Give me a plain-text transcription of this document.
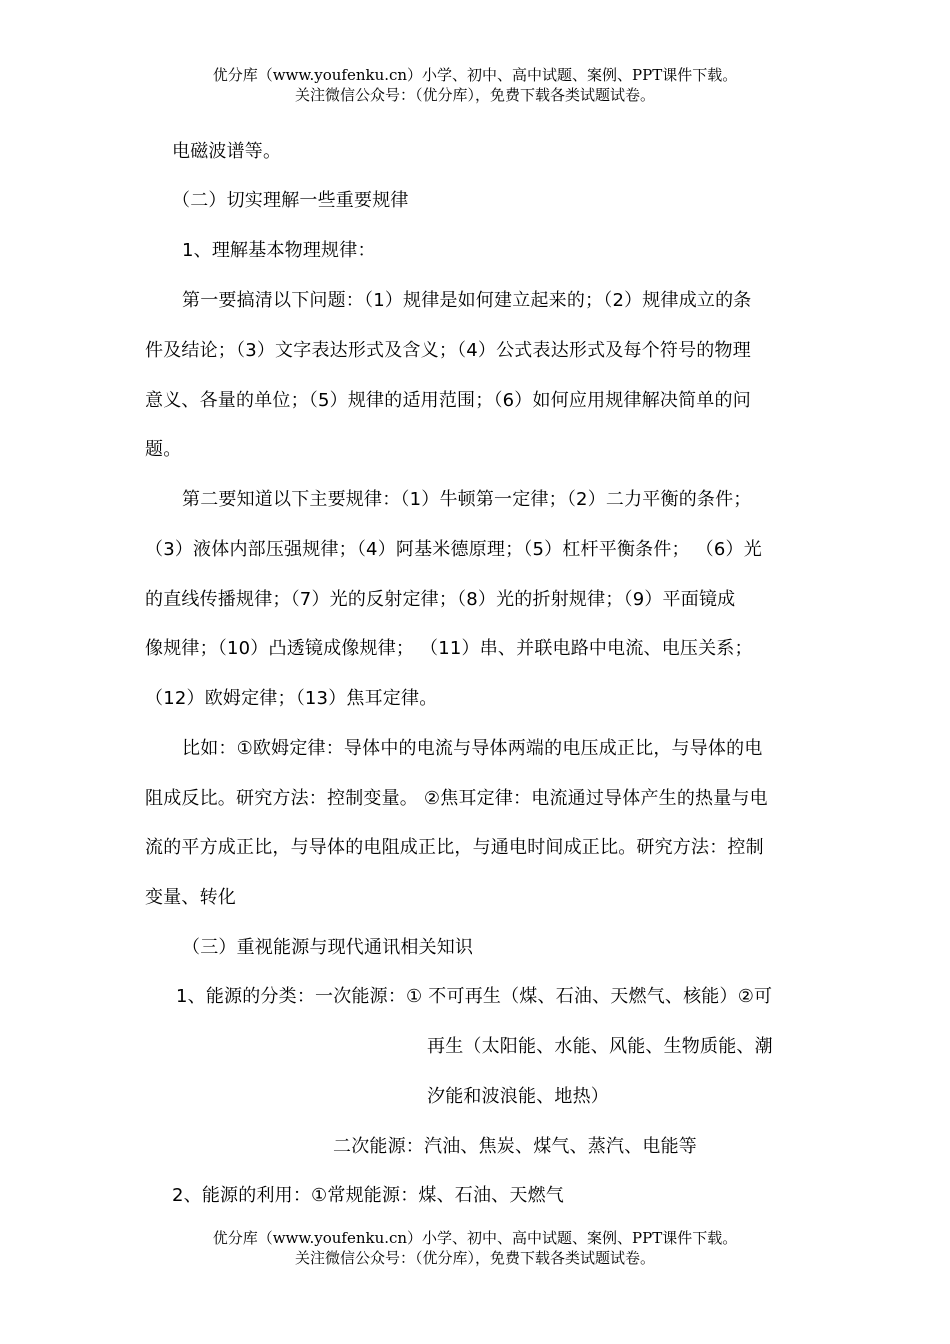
优分库（www.youfenku.cn）小学、初中、高中试题、案例、PPT课件下载。
关注微信公众号：（优分库），免费下载各类试题试卷。
电磁波谱等。
（二）切实理解一些重要规律
1、理解基本物理规律：
第一要搞清以下问题：（1）规律是如何建立起来的；（2）规律成立的条
件及结论；（3）文字表达形式及含义；（4）公式表达形式及每个符号的物理
意义、各量的单位；（5）规律的适用范围；（6）如何应用规律解决简单的问
题。
第二要知道以下主要规律：（1）牛顿第一定律；（2）二力平衡的条件；
（3）液体内部压强规律；（4）阿基米德原理；（5）杠杆平衡条件； （6）光
的直线传播规律；（7）光的反射定律；（8）光的折射规律；（9）平面镜成
像规律；（10）凸透镜成像规律； （11）串、并联电路中电流、电压关系；
（12）欧姆定律；（13）焦耳定律。
比如：①欧姆定律：导体中的电流与导体两端的电压成正比，与导体的电
阻成反比。研究方法：控制变量。 ②焦耳定律：电流通过导体产生的热量与电
流的平方成正比，与导体的电阻成正比，与通电时间成正比。研究方法：控制
变量、转化
（三）重视能源与现代通讯相关知识
1、能源的分类：一次能源：① 不可再生（煤、石油、天燃气、核能）②可
再生（太阳能、水能、风能、生物质能、潮
汐能和波浪能、地热）
二次能源：汽油、焦炭、煤气、蒸汽、电能等
2、能源的利用：①常规能源：煤、石油、天燃气
优分库（www.youfenku.cn）小学、初中、高中试题、案例、PPT课件下载。
关注微信公众号：（优分库），免费下载各类试题试卷。
